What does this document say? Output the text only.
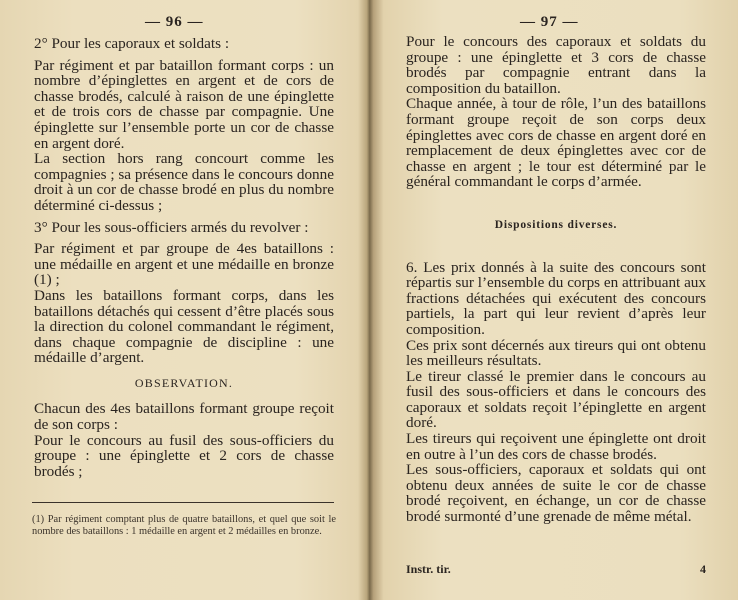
— 96 —

2° Pour les caporaux et soldats :

Par régiment et par bataillon formant corps : un nombre d’épinglettes en argent et de cors de chasse brodés, calculé à raison de une épinglette et de trois cors de chasse par compagnie. Une épinglette sur l’ensemble porte un cor de chasse en argent doré.

La section hors rang concourt comme les compagnies ; sa présence dans le concours donne droit à un cor de chasse brodé en plus du nombre déterminé ci-dessus ;

3° Pour les sous-officiers armés du revolver :

Par régiment et par groupe de 4es bataillons : une médaille en argent et une médaille en bronze (1) ;

Dans les bataillons formant corps, dans les bataillons détachés qui cessent d’être placés sous la direction du colonel commandant le régiment, dans chaque compagnie de discipline : une médaille d’argent.

OBSERVATION.

Chacun des 4es bataillons formant groupe reçoit de son corps :

Pour le concours au fusil des sous-officiers du groupe : une épinglette et 2 cors de chasse brodés ;

(1) Par régiment comptant plus de quatre bataillons, et quel que soit le nombre des bataillons : 1 médaille en argent et 2 médailles en bronze.
— 97 —

Pour le concours des caporaux et soldats du groupe : une épinglette et 3 cors de chasse brodés par compagnie entrant dans la composition du bataillon.

Chaque année, à tour de rôle, l’un des bataillons formant groupe reçoit de son corps deux épinglettes avec cors de chasse en argent doré en remplacement de deux épinglettes avec cor de chasse en argent ; le tour est déterminé par le général commandant le corps d’armée.

Dispositions diverses.

6. Les prix donnés à la suite des concours sont répartis sur l’ensemble du corps en attribuant aux fractions détachées qui exécutent des concours partiels, la part qui leur revient d’après leur composition.

Ces prix sont décernés aux tireurs qui ont obtenu les meilleurs résultats.

Le tireur classé le premier dans le concours au fusil des sous-officiers et dans le concours des caporaux et soldats reçoit l’épinglette en argent doré.

Les tireurs qui reçoivent une épinglette ont droit en outre à l’un des cors de chasse brodés.

Les sous-officiers, caporaux et soldats qui ont obtenu deux années de suite le cor de chasse brodé reçoivent, en échange, un cor de chasse brodé surmonté d’une grenade de même métal.

Instr. tir.	4
